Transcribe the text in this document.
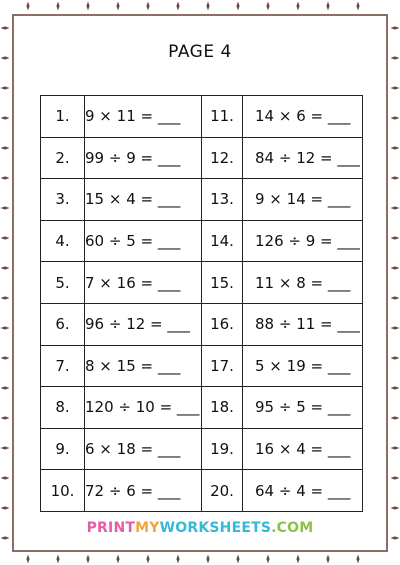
PAGE 4
1.	9 × 11 = ___	11.	14 × 6 = ___
2.	99 ÷ 9 = ___	12.	84 ÷ 12 = ___
3.	15 × 4 = ___	13.	9 × 14 = ___
4.	60 ÷ 5 = ___	14.	126 ÷ 9 = ___
5.	7 × 16 = ___	15.	11 × 8 = ___
6.	96 ÷ 12 = ___	16.	88 ÷ 11 = ___
7.	8 × 15 = ___	17.	5 × 19 = ___
8.	120 ÷ 10 = ___	18.	95 ÷ 5 = ___
9.	6 × 18 = ___	19.	16 × 4 = ___
10.	72 ÷ 6 = ___	20.	64 ÷ 4 = ___
PRINTMYWORKSHEETS.COM
